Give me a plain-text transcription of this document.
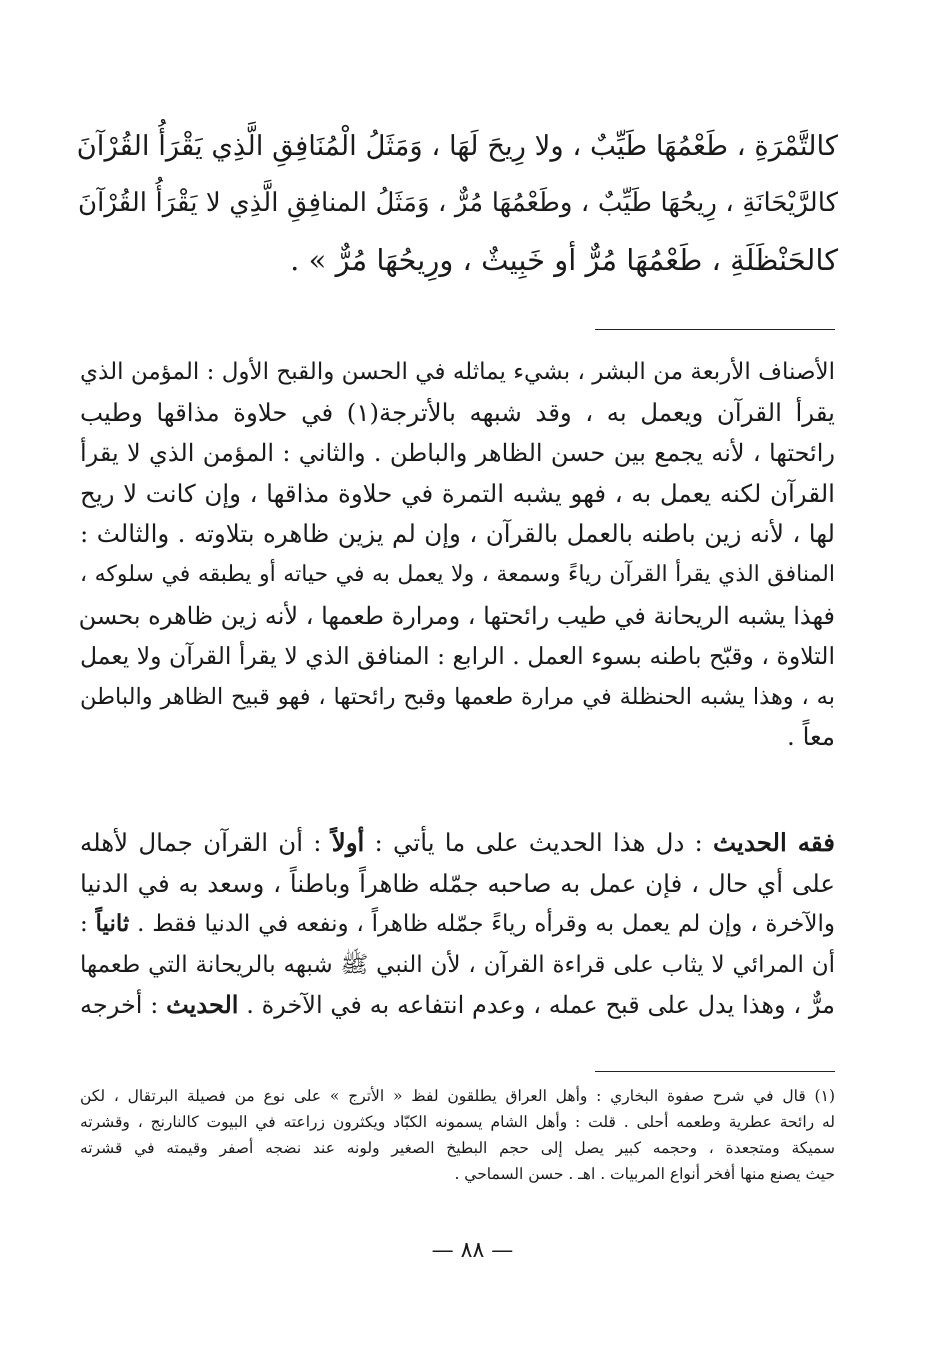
كالتَّمْرَةِ ، طَعْمُهَا طَيِّبٌ ، ولا رِيحَ لَهَا ، وَمَثَلُ الْمُنَافِقِ الَّذِي يَقْرَأُ القُرْآنَ
كالرَّيْحَانَةِ ، رِيحُهَا طَيِّبٌ ، وطَعْمُهَا مُرٌّ ، وَمَثَلُ المنافِقِ الَّذِي لا يَقْرَأُ القُرْآنَ
كالحَنْظَلَةِ ، طَعْمُهَا مُرٌّ أو خَبِيثٌ ، ورِيحُهَا مُرٌّ » .
الأصناف الأربعة من البشر ، بشيء يماثله في الحسن والقبح الأول : المؤمن الذي
يقرأ القرآن ويعمل به ، وقد شبهه بالأترجة(١) في حلاوة مذاقها وطيب
رائحتها ، لأنه يجمع بين حسن الظاهر والباطن . والثاني : المؤمن الذي لا يقرأ
القرآن لكنه يعمل به ، فهو يشبه التمرة في حلاوة مذاقها ، وإن كانت لا ريح
لها ، لأنه زين باطنه بالعمل بالقرآن ، وإن لم يزين ظاهره بتلاوته . والثالث :
المنافق الذي يقرأ القرآن رياءً وسمعة ، ولا يعمل به في حياته أو يطبقه في سلوكه ،
فهذا يشبه الريحانة في طيب رائحتها ، ومرارة طعمها ، لأنه زين ظاهره بحسن
التلاوة ، وقبّح باطنه بسوء العمل . الرابع : المنافق الذي لا يقرأ القرآن ولا يعمل
به ، وهذا يشبه الحنظلة في مرارة طعمها وقبح رائحتها ، فهو قبيح الظاهر والباطن
معاً .
فقه الحديث : دل هذا الحديث على ما يأتي : أولاً : أن القرآن جمال لأهله
على أي حال ، فإن عمل به صاحبه جمّله ظاهراً وباطناً ، وسعد به في الدنيا
والآخرة ، وإن لم يعمل به وقرأه رياءً جمّله ظاهراً ، ونفعه في الدنيا فقط . ثانياً :
أن المرائي لا يثاب على قراءة القرآن ، لأن النبي ﷺ شبهه بالريحانة التي طعمها
مرٌّ ، وهذا يدل على قبح عمله ، وعدم انتفاعه به في الآخرة . الحديث : أخرجه
(١) قال في شرح صفوة البخاري : وأهل العراق يطلقون لفظ « الأترج » على نوع من فصيلة البرتقال ، لكن
له رائحة عطرية وطعمه أحلى . قلت : وأهل الشام يسمونه الكبّاد ويكثرون زراعته في البيوت كالنارنج ، وقشرته
سميكة ومتجعدة ، وحجمه كبير يصل إلى حجم البطيخ الصغير ولونه عند نضجه أصفر وقيمته في قشرته
حيث يصنع منها أفخر أنواع المربيات . اهـ . حسن السماحي .
— ٨٨ —
